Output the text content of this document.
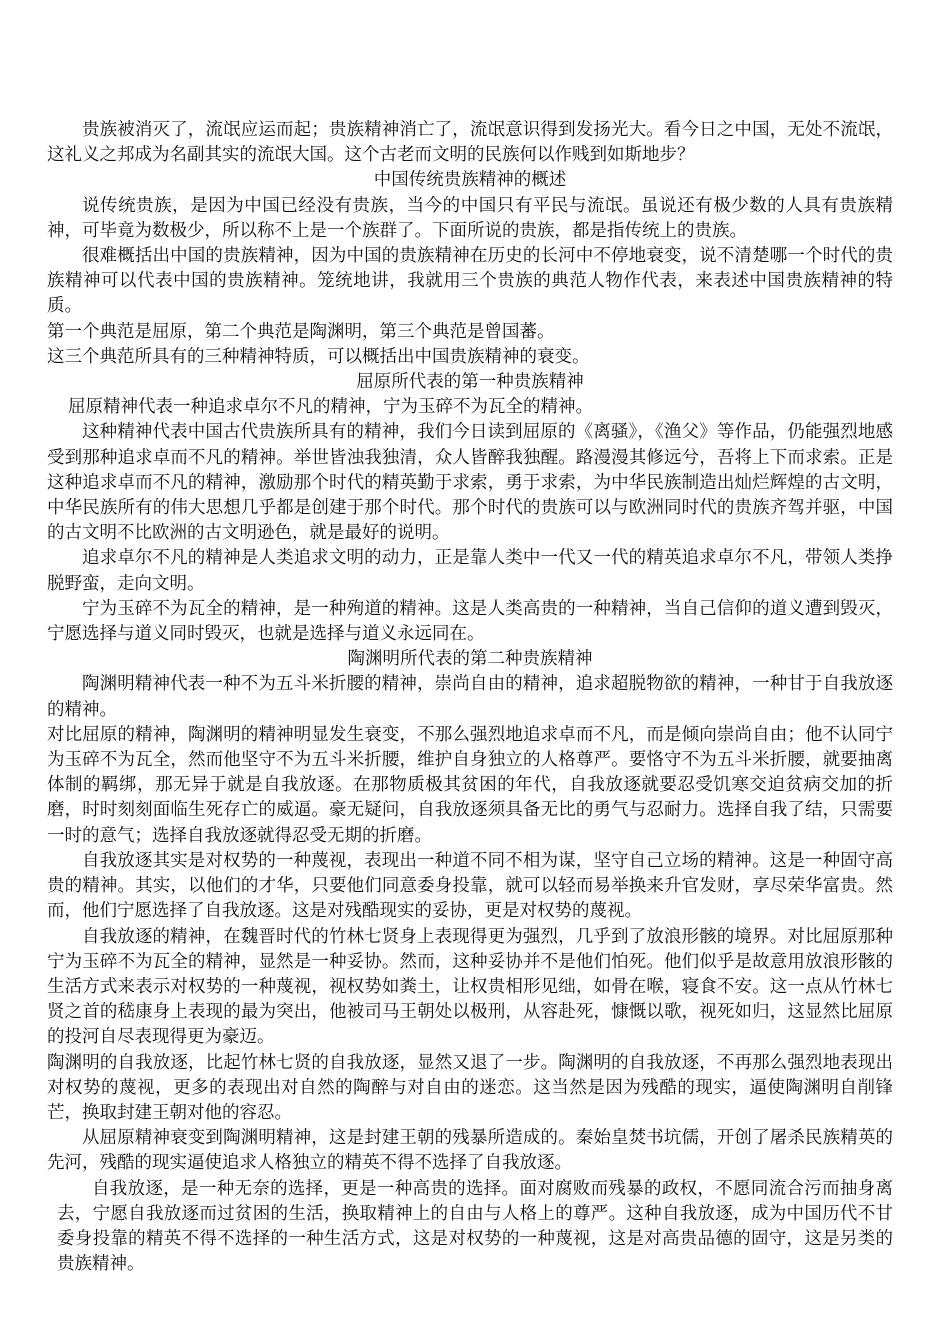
贵族被消灭了，流氓应运而起；贵族精神消亡了，流氓意识得到发扬光大。看今日之中国，无处不流氓，这礼义之邦成为名副其实的流氓大国。这个古老而文明的民族何以作贱到如斯地步？

中国传统贵族精神的概述

说传统贵族，是因为中国已经没有贵族，当今的中国只有平民与流氓。虽说还有极少数的人具有贵族精神，可毕竟为数极少，所以称不上是一个族群了。下面所说的贵族，都是指传统上的贵族。

很难概括出中国的贵族精神，因为中国的贵族精神在历史的长河中不停地衰变，说不清楚哪一个时代的贵族精神可以代表中国的贵族精神。笼统地讲，我就用三个贵族的典范人物作代表，来表述中国贵族精神的特质。

第一个典范是屈原，第二个典范是陶渊明，第三个典范是曾国蕃。

这三个典范所具有的三种精神特质，可以概括出中国贵族精神的衰变。

屈原所代表的第一种贵族精神

屈原精神代表一种追求卓尔不凡的精神，宁为玉碎不为瓦全的精神。

这种精神代表中国古代贵族所具有的精神，我们今日读到屈原的《离骚》，《渔父》等作品，仍能强烈地感受到那种追求卓而不凡的精神。举世皆浊我独清，众人皆醉我独醒。路漫漫其修远兮，吾将上下而求索。正是这种追求卓而不凡的精神，激励那个时代的精英勤于求索，勇于求索，为中华民族制造出灿烂辉煌的古文明，中华民族所有的伟大思想几乎都是创建于那个时代。那个时代的贵族可以与欧洲同时代的贵族齐驾并驱，中国的古文明不比欧洲的古文明逊色，就是最好的说明。

追求卓尔不凡的精神是人类追求文明的动力，正是靠人类中一代又一代的精英追求卓尔不凡，带领人类挣脱野蛮，走向文明。

宁为玉碎不为瓦全的精神，是一种殉道的精神。这是人类高贵的一种精神，当自己信仰的道义遭到毁灭，宁愿选择与道义同时毁灭，也就是选择与道义永远同在。

陶渊明所代表的第二种贵族精神

陶渊明精神代表一种不为五斗米折腰的精神，崇尚自由的精神，追求超脱物欲的精神，一种甘于自我放逐的精神。

对比屈原的精神，陶渊明的精神明显发生衰变，不那么强烈地追求卓而不凡，而是倾向崇尚自由；他不认同宁为玉碎不为瓦全，然而他坚守不为五斗米折腰，维护自身独立的人格尊严。要恪守不为五斗米折腰，就要抽离体制的羁绑，那无异于就是自我放逐。在那物质极其贫困的年代，自我放逐就要忍受饥寒交迫贫病交加的折磨，时时刻刻面临生死存亡的威逼。豪无疑问，自我放逐须具备无比的勇气与忍耐力。选择自我了结，只需要一时的意气；选择自我放逐就得忍受无期的折磨。

自我放逐其实是对权势的一种蔑视，表现出一种道不同不相为谋，坚守自己立场的精神。这是一种固守高贵的精神。其实，以他们的才华，只要他们同意委身投靠，就可以轻而易举换来升官发财，享尽荣华富贵。然而，他们宁愿选择了自我放逐。这是对残酷现实的妥协，更是对权势的蔑视。

自我放逐的精神，在魏晋时代的竹林七贤身上表现得更为强烈，几乎到了放浪形骸的境界。对比屈原那种宁为玉碎不为瓦全的精神，显然是一种妥协。然而，这种妥协并不是他们怕死。他们似乎是故意用放浪形骸的生活方式来表示对权势的一种蔑视，视权势如粪土，让权贵相形见绌，如骨在喉，寝食不安。这一点从竹林七贤之首的嵇康身上表现的最为突出，他被司马王朝处以极刑，从容赴死，慷慨以歌，视死如归，这显然比屈原的投河自尽表现得更为豪迈。

陶渊明的自我放逐，比起竹林七贤的自我放逐，显然又退了一步。陶渊明的自我放逐，不再那么强烈地表现出对权势的蔑视，更多的表现出对自然的陶醉与对自由的迷恋。这当然是因为残酷的现实，逼使陶渊明自削锋芒，换取封建王朝对他的容忍。

从屈原精神衰变到陶渊明精神，这是封建王朝的残暴所造成的。秦始皇焚书坑儒，开创了屠杀民族精英的先河，残酷的现实逼使追求人格独立的精英不得不选择了自我放逐。

自我放逐，是一种无奈的选择，更是一种高贵的选择。面对腐败而残暴的政权，不愿同流合污而抽身离去，宁愿自我放逐而过贫困的生活，换取精神上的自由与人格上的尊严。这种自我放逐，成为中国历代不甘委身投靠的精英不得不选择的一种生活方式，这是对权势的一种蔑视，这是对高贵品德的固守，这是另类的贵族精神。
